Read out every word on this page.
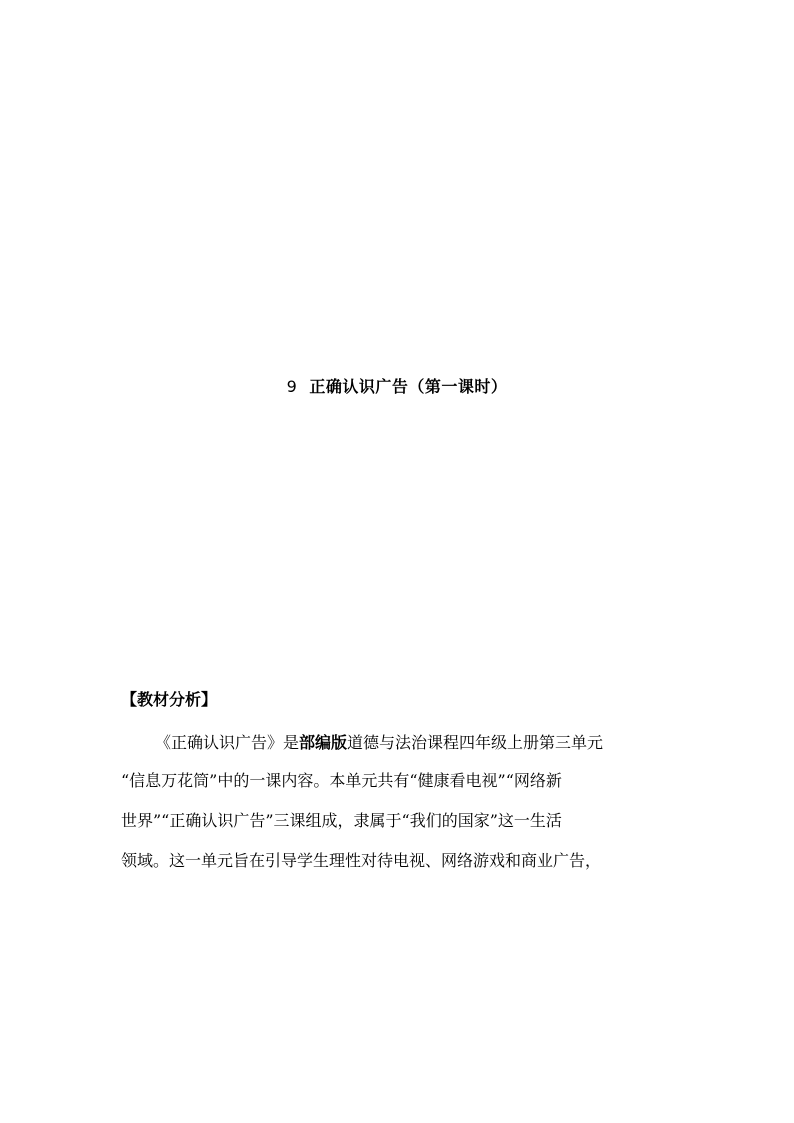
9 正确认识广告（第一课时）
【教材分析】
《正确认识广告》是部编版道德与法治课程四年级上册第三单元
“信息万花筒”中的一课内容。本单元共有“健康看电视”“网络新
世界”“正确认识广告”三课组成，隶属于“我们的国家”这一生活
领域。这一单元旨在引导学生理性对待电视、网络游戏和商业广告，
